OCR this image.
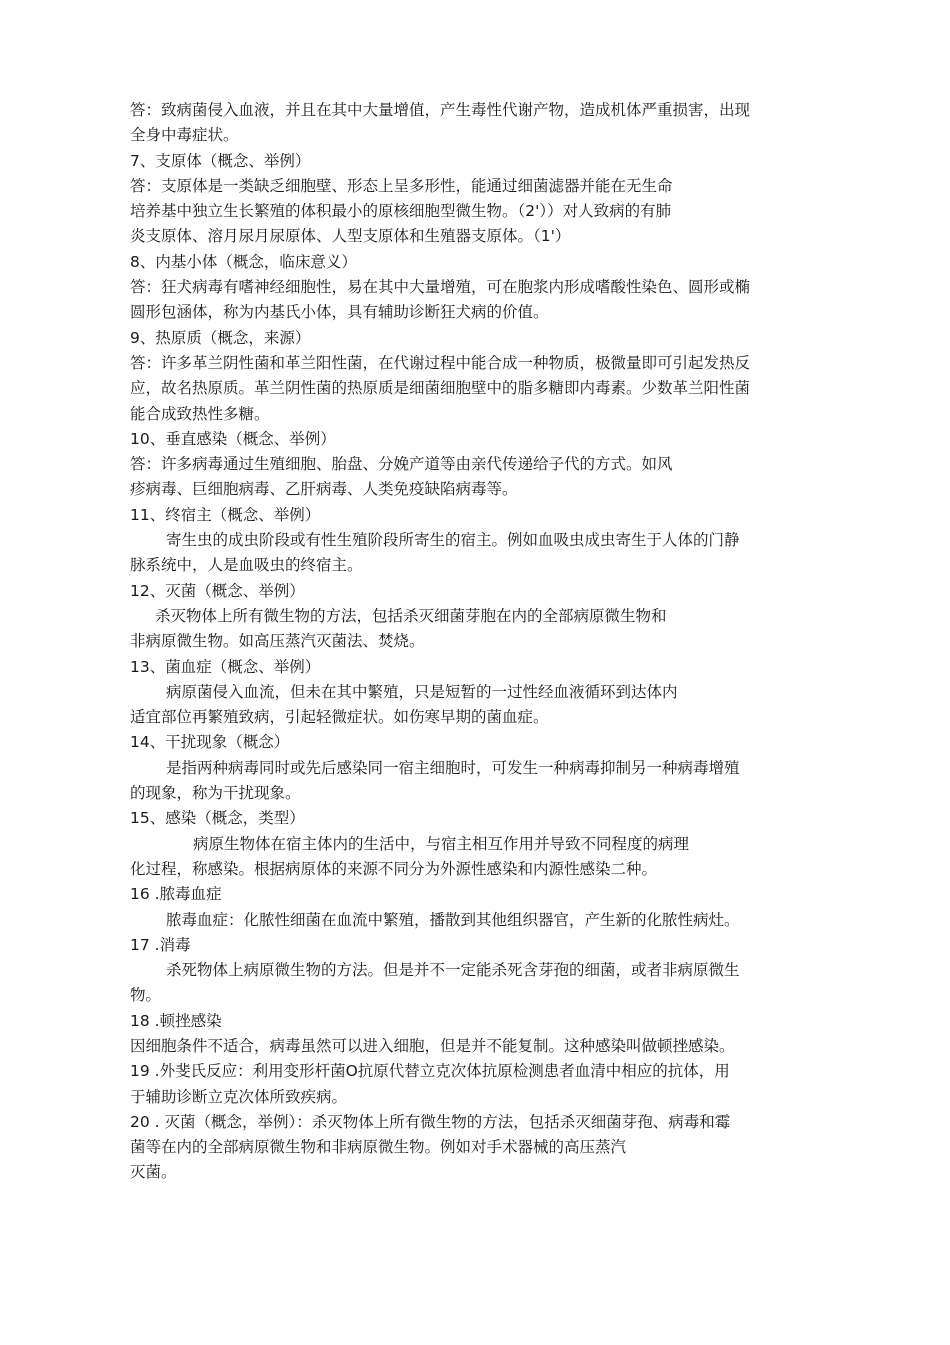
答：致病菌侵入血液，并且在其中大量增值，产生毒性代谢产物，造成机体严重损害，出现
全身中毒症状。
7、支原体（概念、举例）
答：支原体是一类缺乏细胞壁、形态上呈多形性，能通过细菌滤器并能在无生命
培养基中独立生长繁殖的体积最小的原核细胞型微生物。（2'））对人致病的有肺
炎支原体、溶月尿月尿原体、人型支原体和生殖器支原体。（1'）
8、内基小体（概念，临床意义）
答：狂犬病毒有嗜神经细胞性，易在其中大量增殖，可在胞浆内形成嗜酸性染色、圆形或椭
圆形包涵体，称为内基氏小体，具有辅助诊断狂犬病的价值。
9、热原质（概念，来源）
答：许多革兰阴性菌和革兰阳性菌，在代谢过程中能合成一种物质，极微量即可引起发热反
应，故名热原质。革兰阴性菌的热原质是细菌细胞壁中的脂多糖即内毒素。少数革兰阳性菌
能合成致热性多糖。
10、垂直感染（概念、举例）
答：许多病毒通过生殖细胞、胎盘、分娩产道等由亲代传递给子代的方式。如风
疹病毒、巨细胞病毒、乙肝病毒、人类免疫缺陷病毒等。
11、终宿主（概念、举例）
寄生虫的成虫阶段或有性生殖阶段所寄生的宿主。例如血吸虫成虫寄生于人体的门静
脉系统中，人是血吸虫的终宿主。
12、灭菌（概念、举例）
杀灭物体上所有微生物的方法，包括杀灭细菌芽胞在内的全部病原微生物和
非病原微生物。如高压蒸汽灭菌法、焚烧。
13、菌血症（概念、举例）
病原菌侵入血流，但未在其中繁殖，只是短暂的一过性经血液循环到达体内
适宜部位再繁殖致病，引起轻微症状。如伤寒早期的菌血症。
14、干扰现象（概念）
是指两种病毒同时或先后感染同一宿主细胞时，可发生一种病毒抑制另一种病毒增殖
的现象，称为干扰现象。
15、感染（概念，类型）
病原生物体在宿主体内的生活中，与宿主相互作用并导致不同程度的病理
化过程，称感染。根据病原体的来源不同分为外源性感染和内源性感染二种。
16 .脓毒血症
脓毒血症：化脓性细菌在血流中繁殖，播散到其他组织器官，产生新的化脓性病灶。
17 .消毒
杀死物体上病原微生物的方法。但是并不一定能杀死含芽孢的细菌，或者非病原微生
物。
18 .顿挫感染
因细胞条件不适合，病毒虽然可以进入细胞，但是并不能复制。这种感染叫做顿挫感染。
19 .外斐氏反应：利用变形杆菌O抗原代替立克次体抗原检测患者血清中相应的抗体，用
于辅助诊断立克次体所致疾病。
20 . 灭菌（概念，举例）：杀灭物体上所有微生物的方法，包括杀灭细菌芽孢、病毒和霉
菌等在内的全部病原微生物和非病原微生物。例如对手术器械的高压蒸汽
灭菌。
